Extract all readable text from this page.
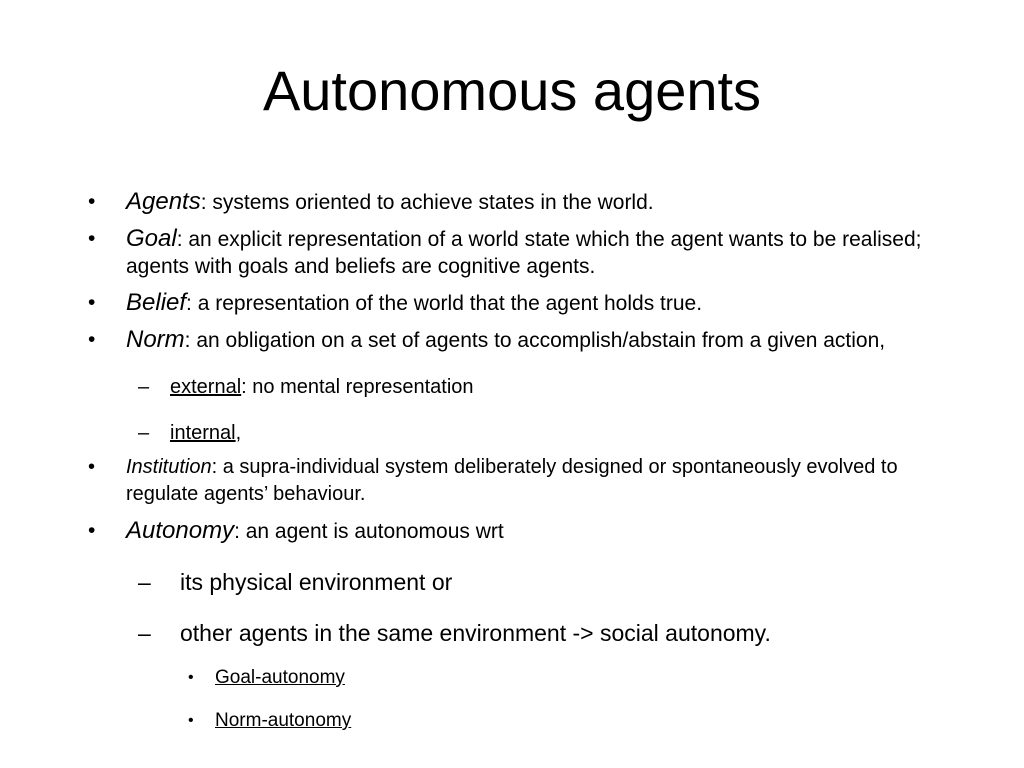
Autonomous agents

• Agents: systems oriented to achieve states in the world.

• Goal: an explicit representation of a world state which the agent wants to be realised; agents with goals and beliefs are cognitive agents.

• Belief: a representation of the world that the agent holds true.

• Norm: an obligation on a set of agents to accomplish/abstain from a given action,

– external: no mental representation

– internal,

• Institution: a supra-individual system deliberately designed or spontaneously evolved to regulate agents’ behaviour.

• Autonomy: an agent is autonomous wrt

– its physical environment or

– other agents in the same environment -> social autonomy.

• Goal-autonomy

• Norm-autonomy
